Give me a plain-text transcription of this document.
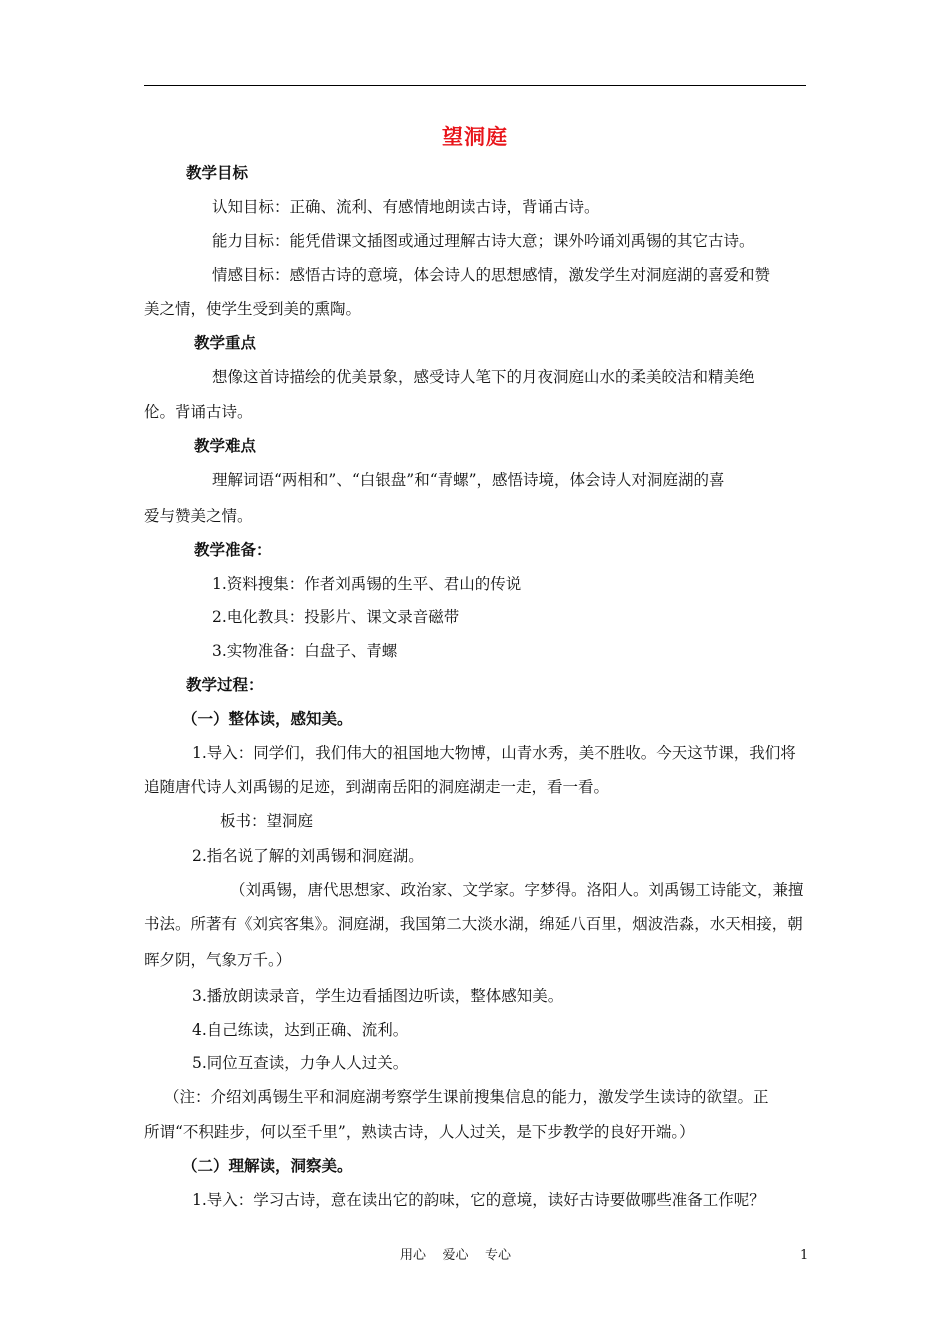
望洞庭
教学目标
认知目标：正确、流利、有感情地朗读古诗，背诵古诗。
能力目标：能凭借课文插图或通过理解古诗大意；课外吟诵刘禹锡的其它古诗。
情感目标：感悟古诗的意境，体会诗人的思想感情，激发学生对洞庭湖的喜爱和赞
美之情，使学生受到美的熏陶。
教学重点
想像这首诗描绘的优美景象，感受诗人笔下的月夜洞庭山水的柔美皎洁和精美绝
伦。背诵古诗。
教学难点
理解词语“两相和”、“白银盘”和“青螺”，感悟诗境，体会诗人对洞庭湖的喜
爱与赞美之情。
教学准备：
1.资料搜集：作者刘禹锡的生平、君山的传说
2.电化教具：投影片、课文录音磁带
3.实物准备：白盘子、青螺
教学过程：
（一）整体读，感知美。
1.导入：同学们，我们伟大的祖国地大物博，山青水秀，美不胜收。今天这节课，我们将
追随唐代诗人刘禹锡的足迹，到湖南岳阳的洞庭湖走一走，看一看。
板书：望洞庭
2.指名说了解的刘禹锡和洞庭湖。
（刘禹锡，唐代思想家、政治家、文学家。字梦得。洛阳人。刘禹锡工诗能文，兼擅
书法。所著有《刘宾客集》。洞庭湖，我国第二大淡水湖，绵延八百里，烟波浩淼，水天相接，朝
晖夕阴，气象万千。）
3.播放朗读录音，学生边看插图边听读，整体感知美。
4.自己练读，达到正确、流利。
5.同位互查读，力争人人过关。
（注：介绍刘禹锡生平和洞庭湖考察学生课前搜集信息的能力，激发学生读诗的欲望。正
所谓“不积跬步，何以至千里”，熟读古诗，人人过关，是下步教学的良好开端。）
（二）理解读，洞察美。
1.导入：学习古诗，意在读出它的韵味，它的意境，读好古诗要做哪些准备工作呢？
用心    爱心    专心	1
